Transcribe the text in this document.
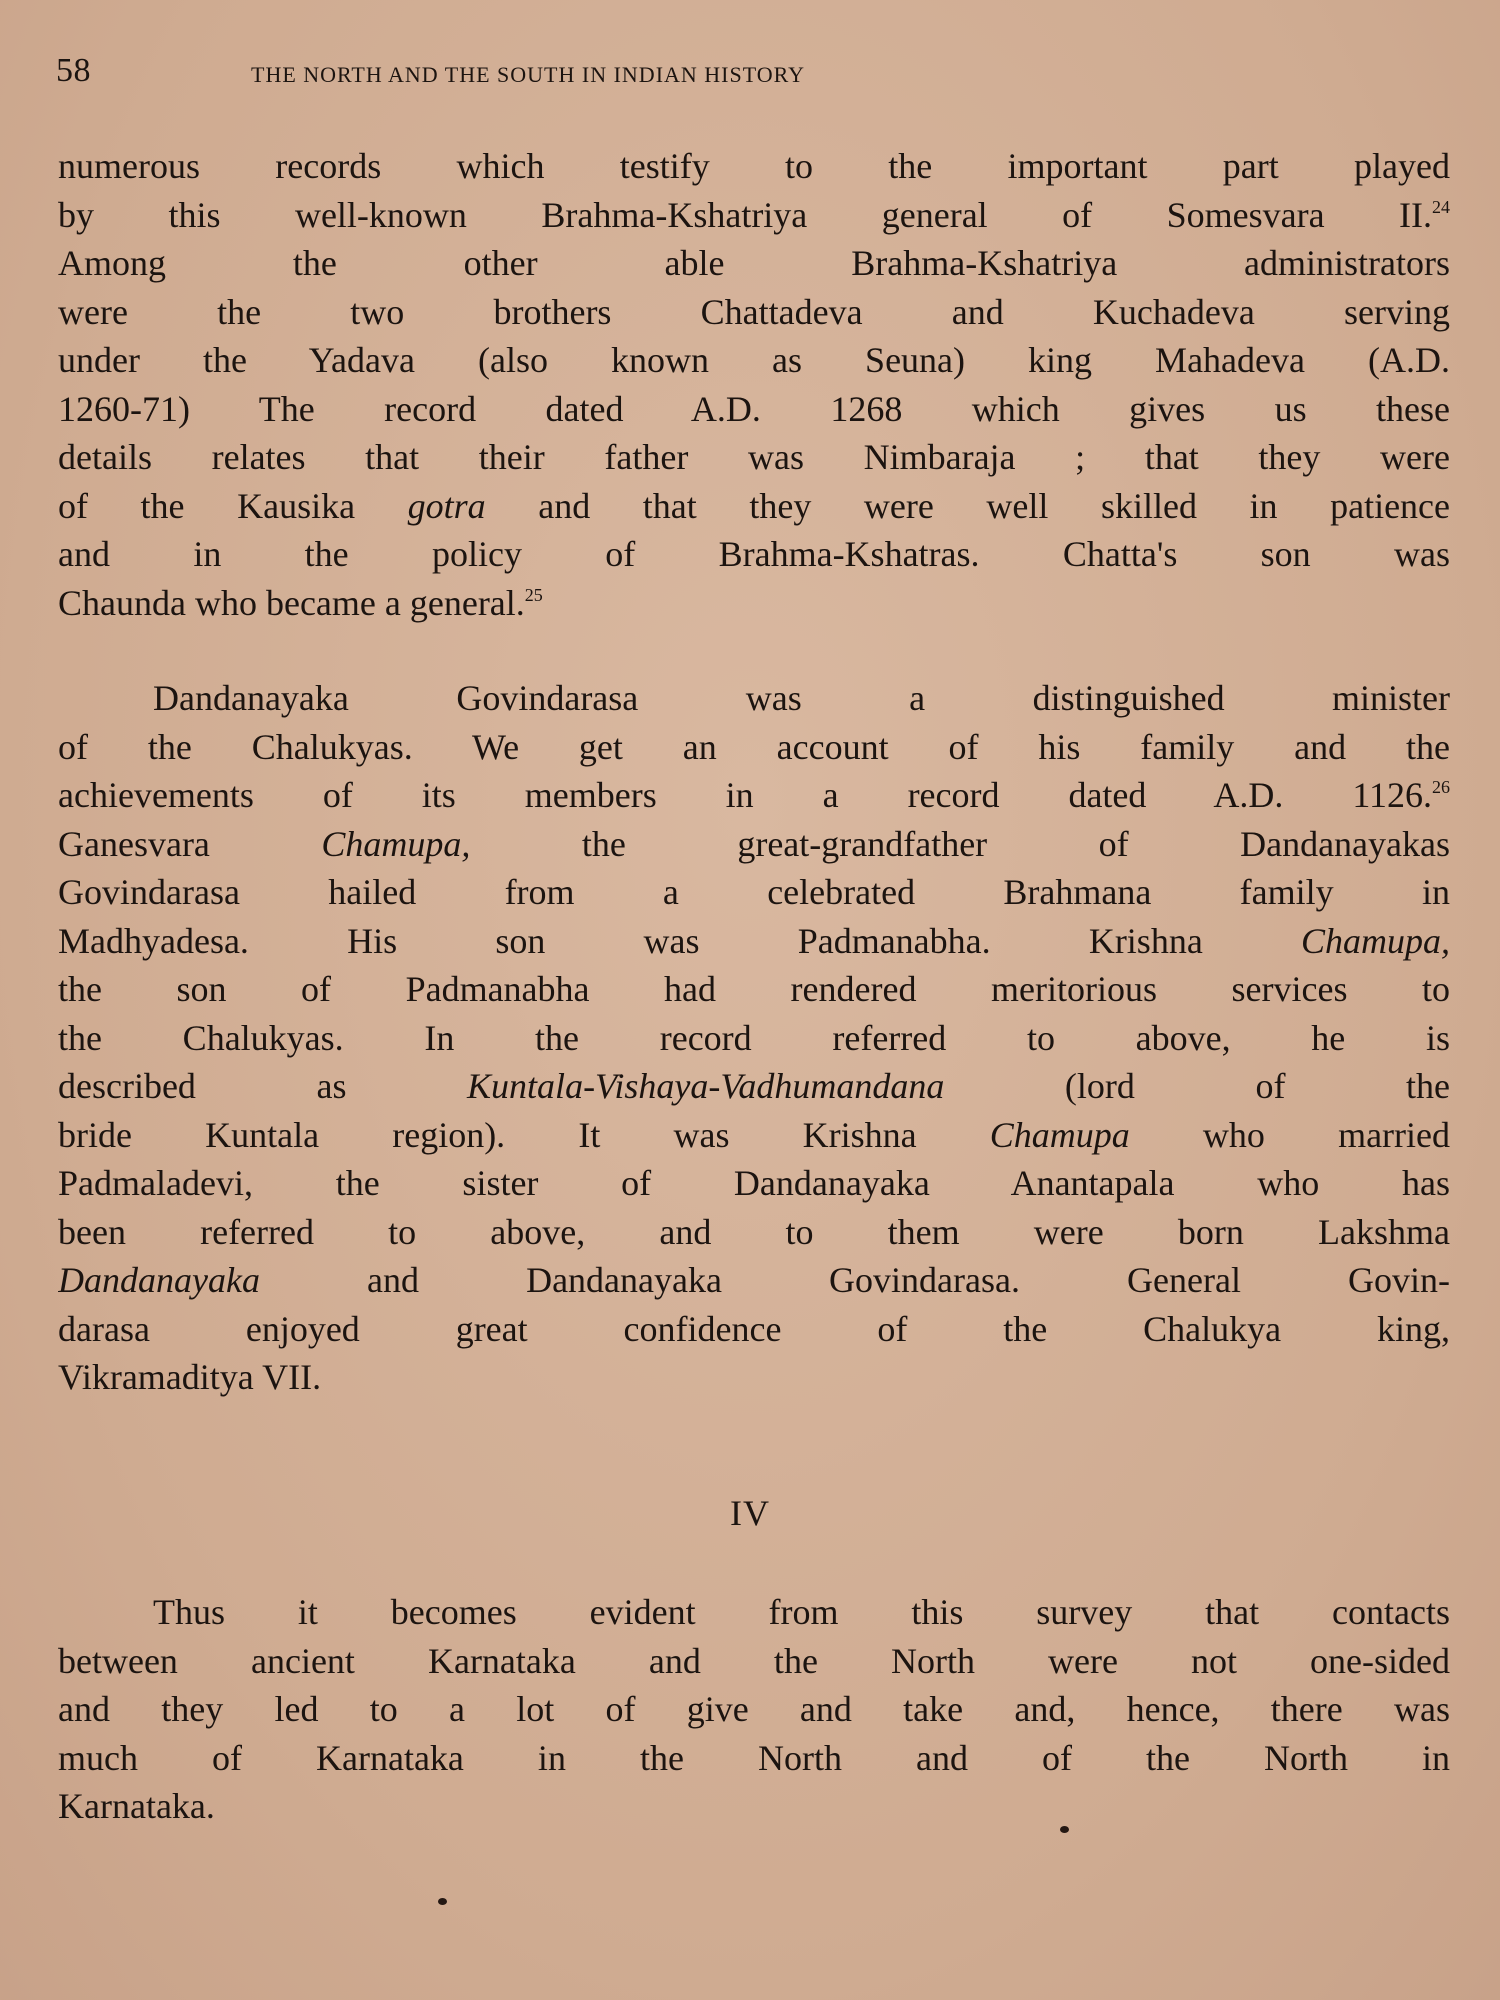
58	THE NORTH AND THE SOUTH IN INDIAN HISTORY
numerous records which testify to the important part played
by this well-known Brahma-Kshatriya general of Somesvara II.$^{24}$
Among the other able Brahma-Kshatriya administrators
were the two brothers Chattadeva and Kuchadeva serving
under the Yadava (also known as Seuna) king Mahadeva (A.D.
1260-71) The record dated A.D. 1268 which gives us these
details relates that their father was Nimbaraja ; that they were
of the Kausika gotra and that they were well skilled in patience
and in the policy of Brahma-Kshatras. Chatta's son was
Chaunda who became a general.$^{25}$
Dandanayaka Govindarasa was a distinguished minister
of the Chalukyas. We get an account of his family and the
achievements of its members in a record dated A.D. 1126.26
Ganesvara	Chamupa,	the great-grandfather of Dandanayakas
Govindarasa hailed from a celebrated Brahmana family in
Madhyadesa. His son was Padmanabha. Krishna	Chamupa,
the son of Padmanabha had rendered meritorious services to
the Chalukyas. In the record referred to above, he is
described as	Kuntala-Vishaya-Vadhumandana	(lord of the
bride Kuntala region). It was Krishna Chamupa who married
Padmaladevi, the sister of Dandanayaka Anantapala who has
been referred to above, and to them were born Lakshma
Dandanayaka	and Dandanayaka Govindarasa. General Govin-
darasa enjoyed great confidence of the Chalukya king,
Vikramaditya VII.
IV
Thus it becomes evident from this survey that contacts
between ancient Karnataka and the North were not one-sided
and they led to a lot of give and take and, hence, there was
much of Karnataka in the North and of the North in
Karnataka.
